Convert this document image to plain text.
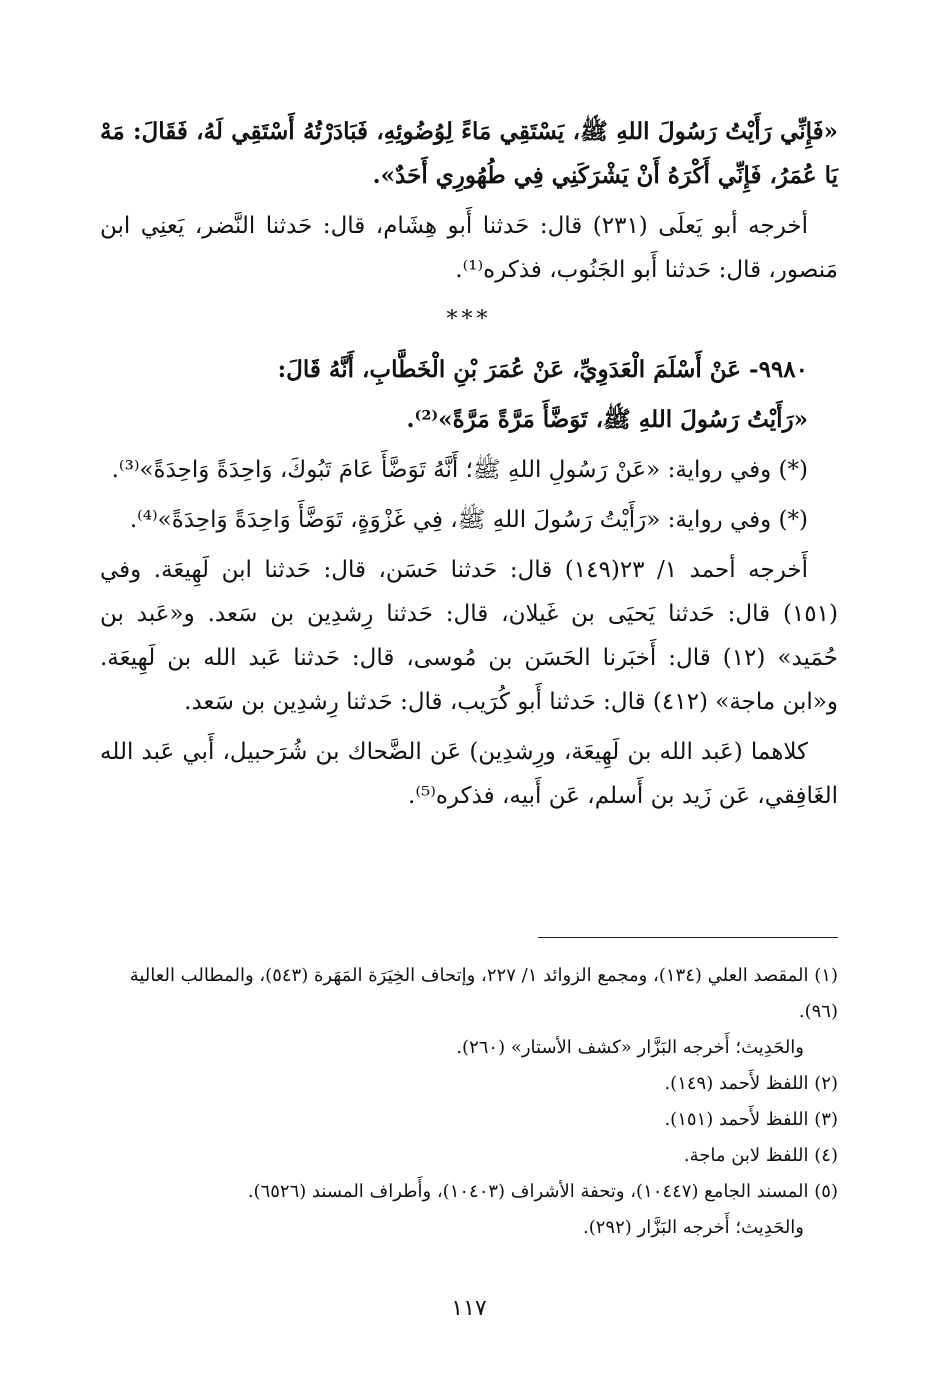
«فَإِنِّي رَأَيْتُ رَسُولَ اللهِ ﷺ، يَسْتَقِي مَاءً لِوُضُوئِهِ، فَبَادَرْتُهُ أَسْتَقِي لَهُ، فَقَالَ: مَهْ يَا عُمَرُ، فَإِنِّي أَكْرَهُ أَنْ يَشْرَكَنِي فِي طُهُورِي أَحَدٌ».

أخرجه أبو يَعلَى (٢٣١) قال: حَدثنا أَبو هِشَام، قال: حَدثنا النَّضر، يَعنِي ابن مَنصور، قال: حَدثنا أَبو الجَنُوب، فذكره⁽¹⁾.

***

٩٩٨٠- عَنْ أَسْلَمَ الْعَدَوِيِّ، عَنْ عُمَرَ بْنِ الْخَطَّابِ، أَنَّهُ قَالَ:

«رَأَيْتُ رَسُولَ اللهِ ﷺ، تَوَضَّأَ مَرَّةً مَرَّةً»⁽²⁾.

(*) وفي رواية: «عَنْ رَسُولِ اللهِ ﷺ؛ أَنَّهُ تَوَضَّأَ عَامَ تَبُوكَ، وَاحِدَةً وَاحِدَةً»⁽³⁾.

(*) وفي رواية: «رَأَيْتُ رَسُولَ اللهِ ﷺ، فِي غَزْوَةٍ، تَوَضَّأَ وَاحِدَةً وَاحِدَةً»⁽⁴⁾.

أَخرجه أحمد ١/ ٢٣(١٤٩) قال: حَدثنا حَسَن، قال: حَدثنا ابن لَهِيعَة. وفي (١٥١) قال: حَدثنا يَحيَى بن غَيلان، قال: حَدثنا رِشدِين بن سَعد. و«عَبد بن حُمَيد» (١٢) قال: أَخبَرنا الحَسَن بن مُوسى، قال: حَدثنا عَبد الله بن لَهِيعَة. و«ابن ماجة» (٤١٢) قال: حَدثنا أَبو كُرَيب، قال: حَدثنا رِشدِين بن سَعد.

كلاهما (عَبد الله بن لَهِيعَة، ورِشدِين) عَن الضَّحاك بن شُرَحبيل، أَبي عَبد الله الغَافِقي، عَن زَيد بن أَسلم، عَن أَبيه، فذكره⁽⁵⁾.

(١) المقصد العلي (١٣٤)، ومجمع الزوائد ١/ ٢٢٧، وإتحاف الخِيَرَة المَهَرة (٥٤٣)، والمطالب العالية (٩٦).

والحَدِيث؛ أَخرجه البَزَّار «كشف الأستار» (٢٦٠).

(٢) اللفظ لأَحمد (١٤٩).

(٣) اللفظ لأَحمد (١٥١).

(٤) اللفظ لابن ماجة.

(٥) المسند الجامع (١٠٤٤٧)، وتحفة الأشراف (١٠٤٠٣)، وأَطراف المسند (٦٥٢٦).

والحَدِيث؛ أَخرجه البَزَّار (٢٩٢).

١١٧
